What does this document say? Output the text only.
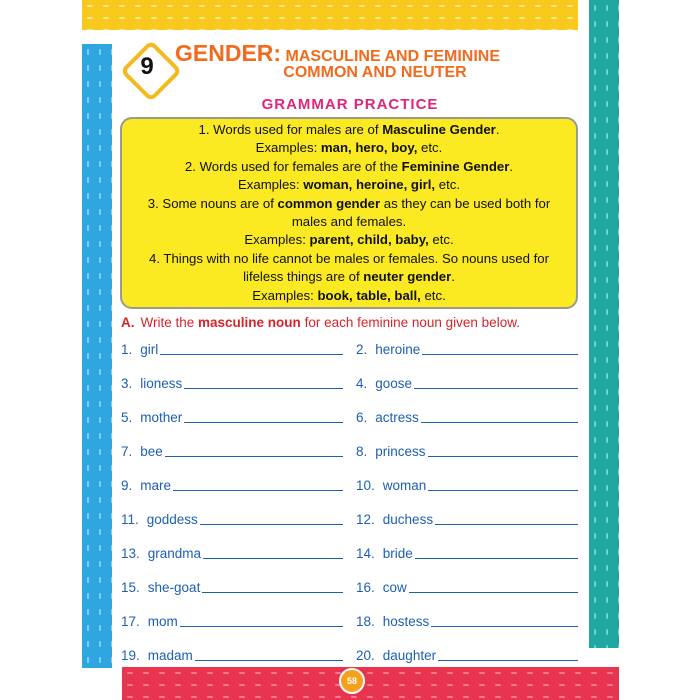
58
9 GENDER: MASCULINE AND FEMININE
COMMON AND NEUTER
GRAMMAR PRACTICE
1. Words used for males are of Masculine Gender.
Examples: man, hero, boy, etc.
2. Words used for females are of the Feminine Gender.
Examples: woman, heroine, girl, etc.
3. Some nouns are of common gender as they can be used both for
males and females.
Examples: parent, child, baby, etc.
4. Things with no life cannot be males or females. So nouns used for
lifeless things are of neuter gender.
Examples: book, table, ball, etc.
A. Write the masculine noun for each feminine noun given below.
1. girl	2. heroine
3. lioness	4. goose
5. mother	6. actress
7. bee	8. princess
9. mare	10. woman
11. goddess	12. duchess
13. grandma	14. bride
15. she-goat	16. cow
17. mom	18. hostess
19. madam	20. daughter
